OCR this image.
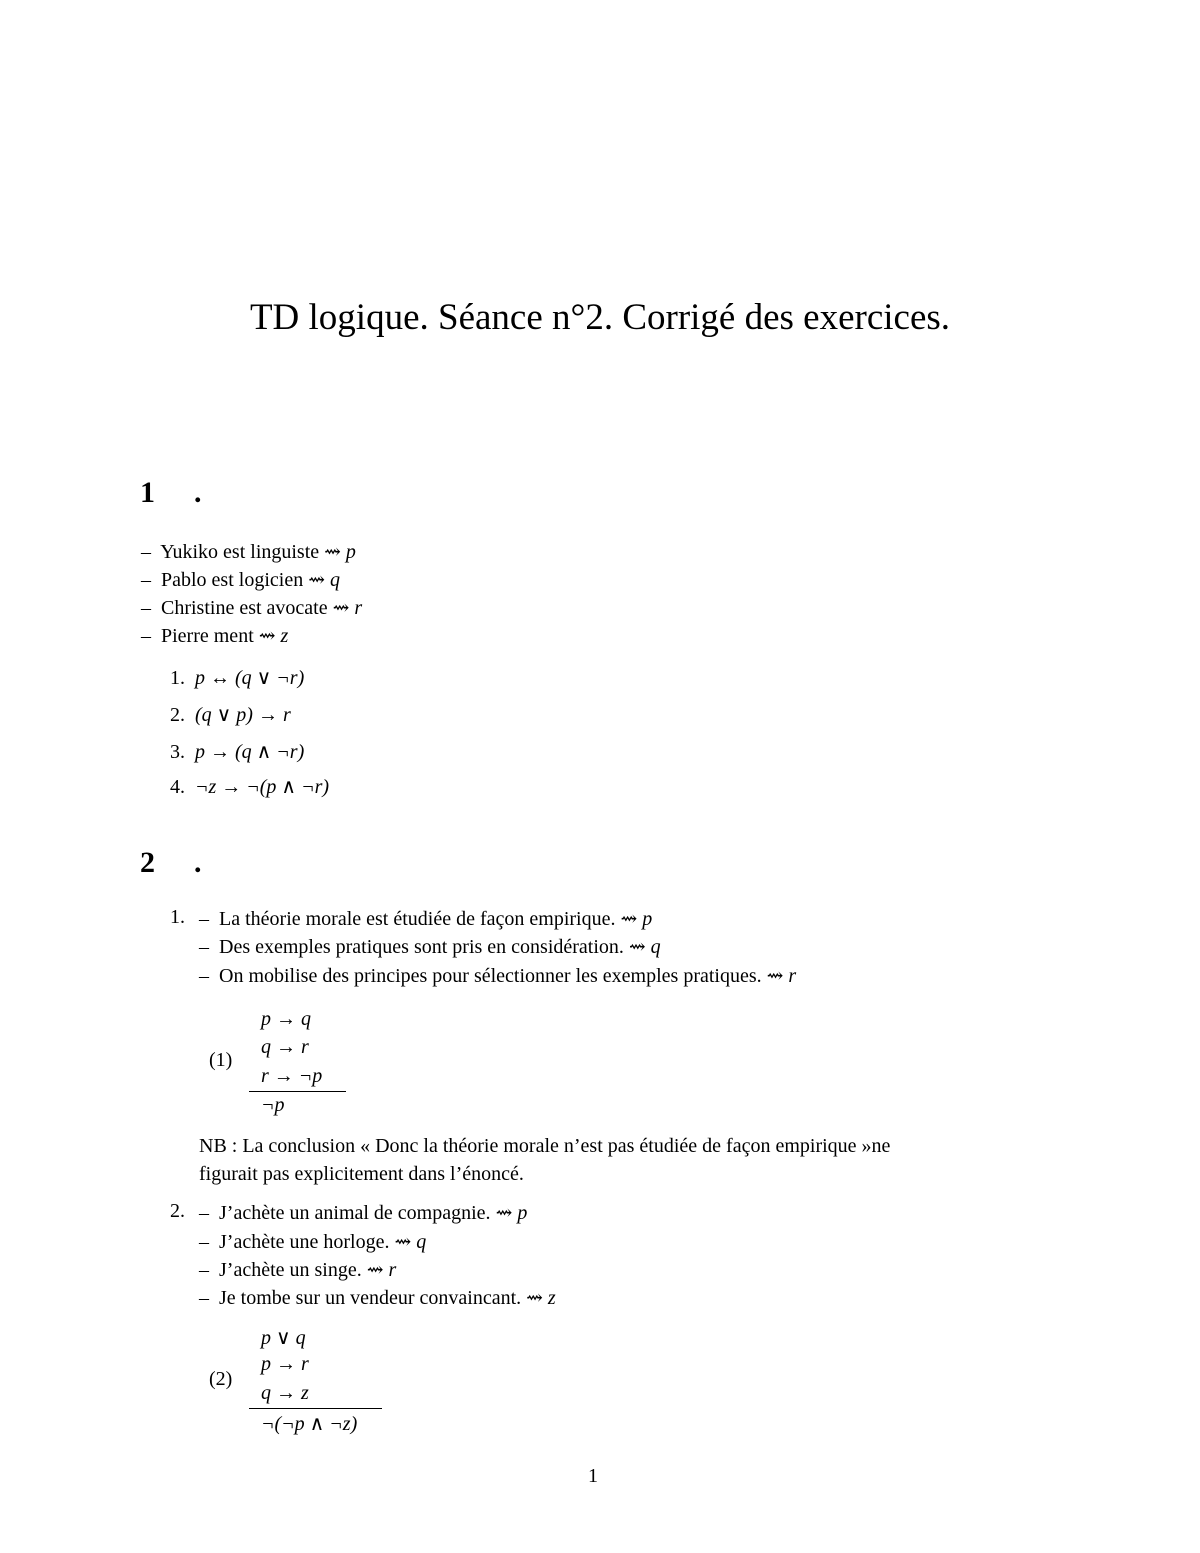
TD logique. Séance n°2. Corrigé des exercices.
1 .
– Yukiko est linguiste ⇝ p
– Pablo est logicien ⇝ q
– Christine est avocate ⇝ r
– Pierre ment ⇝ z
1. p ↔ (q ∨ ¬r)
2. (q ∨ p) → r
3. p → (q ∧ ¬r)
4. ¬z → ¬(p ∧ ¬r)
2 .
1. – La théorie morale est étudiée de façon empirique. ⇝ p
– Des exemples pratiques sont pris en considération. ⇝ q
– On mobilise des principes pour sélectionner les exemples pratiques. ⇝ r
(1)
p → q
q → r
r → ¬p
¬p
NB : La conclusion « Donc la théorie morale n’est pas étudiée de façon empirique »ne
figurait pas explicitement dans l’énoncé.
2. – J’achète un animal de compagnie. ⇝ p
– J’achète une horloge. ⇝ q
– J’achète un singe. ⇝ r
– Je tombe sur un vendeur convaincant. ⇝ z
(2)
p ∨ q
p → r
q → z
¬(¬p ∧ ¬z)
1
